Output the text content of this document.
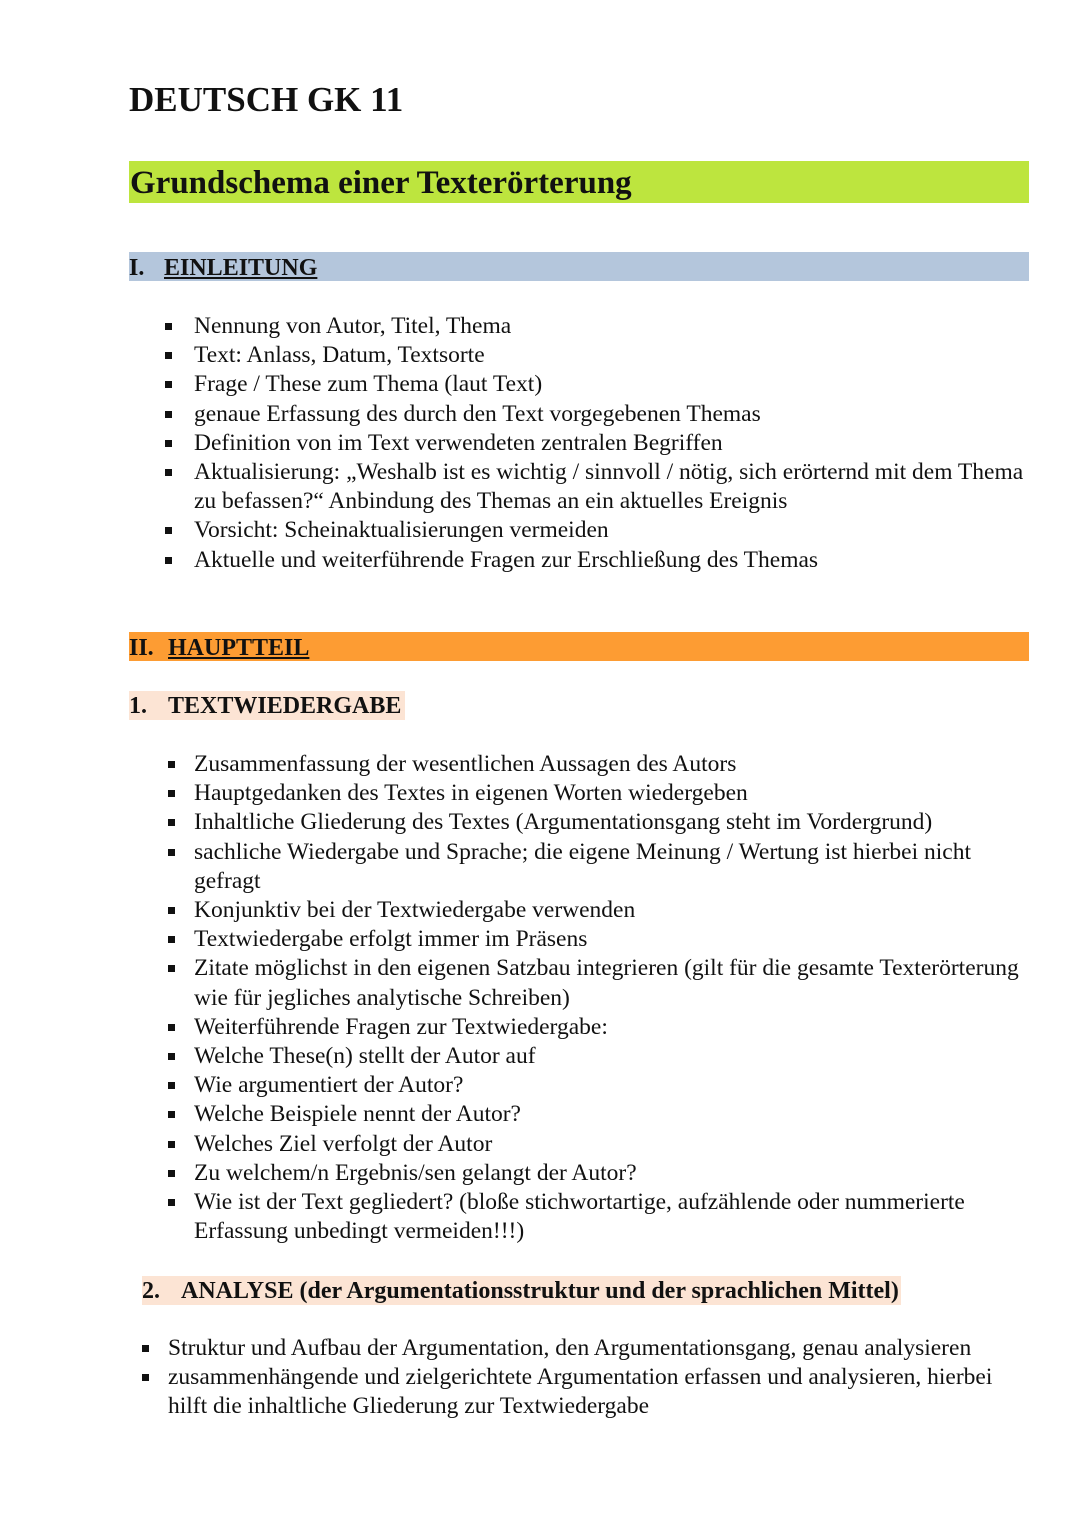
DEUTSCH GK 11
Grundschema einer Texterörterung
I. EINLEITUNG
Nennung von Autor, Titel, Thema
Text: Anlass, Datum, Textsorte
Frage / These zum Thema (laut Text)
genaue Erfassung des durch den Text vorgegebenen Themas
Definition von im Text verwendeten zentralen Begriffen
Aktualisierung: „Weshalb ist es wichtig / sinnvoll / nötig, sich erörternd mit dem Thema zu befassen?“ Anbindung des Themas an ein aktuelles Ereignis
Vorsicht: Scheinaktualisierungen vermeiden
Aktuelle und weiterführende Fragen zur Erschließung des Themas
II. HAUPTTEIL
1. TEXTWIEDERGABE
Zusammenfassung der wesentlichen Aussagen des Autors
Hauptgedanken des Textes in eigenen Worten wiedergeben
Inhaltliche Gliederung des Textes (Argumentationsgang steht im Vordergrund)
sachliche Wiedergabe und Sprache; die eigene Meinung / Wertung ist hierbei nicht gefragt
Konjunktiv bei der Textwiedergabe verwenden
Textwiedergabe erfolgt immer im Präsens
Zitate möglichst in den eigenen Satzbau integrieren (gilt für die gesamte Texterörterung wie für jegliches analytische Schreiben)
Weiterführende Fragen zur Textwiedergabe:
Welche These(n) stellt der Autor auf
Wie argumentiert der Autor?
Welche Beispiele nennt der Autor?
Welches Ziel verfolgt der Autor
Zu welchem/n Ergebnis/sen gelangt der Autor?
Wie ist der Text gegliedert? (bloße stichwortartige, aufzählende oder nummerierte Erfassung unbedingt vermeiden!!!)
2. ANALYSE (der Argumentationsstruktur und der sprachlichen Mittel)
Struktur und Aufbau der Argumentation, den Argumentationsgang, genau analysieren
zusammenhängende und zielgerichtete Argumentation erfassen und analysieren, hierbei hilft die inhaltliche Gliederung zur Textwiedergabe
